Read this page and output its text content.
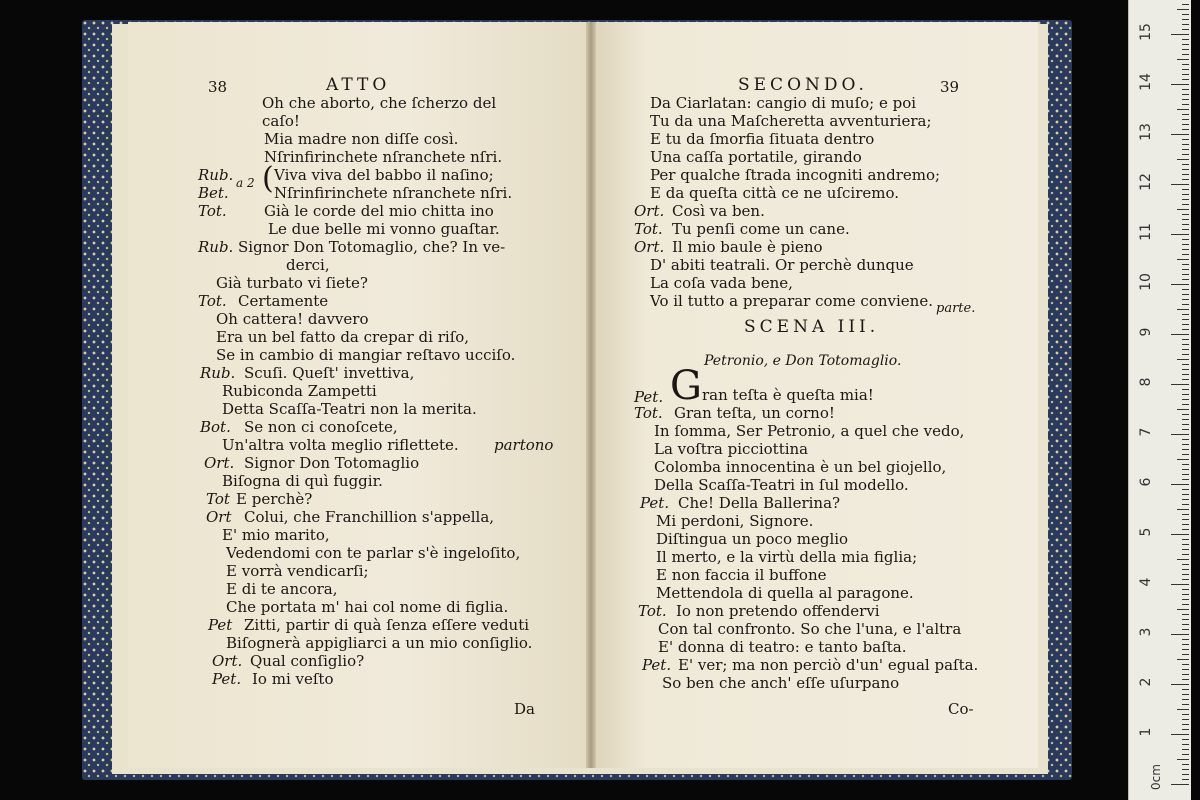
38	ATTO
Oh che aborto, che ſcherzo del
caſo!
Mia madre non diſſe così.
Nſrinfirinchete nſranchete nſri.
Rub.
Bet.
a 2 ( Viva viva del babbo il naſino;
Nſrinfirinchete nſranchete nſri.
Tot. Già le corde del mio chitta ino
Le due belle mi vonno guaſtar.
Rub. Signor Don Totomaglio, che? In ve-
derci,
Già turbato vi ſiete?
Tot. Certamente
Oh cattera! davvero
Era un bel fatto da crepar di riſo,
Se in cambio di mangiar reſtavo ucciſo.
Rub. Scuſi. Queſt' invettiva,
Rubiconda Zampetti
Detta Scaſſa-Teatri non la merita.
Bot. Se non ci conoſcete,
Un'altra volta meglio riflettete. partono
Ort. Signor Don Totomaglio
Biſogna di quì fuggir.
Tot E perchè?
Ort Colui, che Franchillion s'appella,
E' mio marito,
Vedendomi con te parlar s'è ingeloſito,
E vorrà vendicarſi;
E di te ancora,
Che portata m' hai col nome di figlia.
Pet Zitti, partir di quà ſenza eſſere veduti
Biſognerà appigliarci a un mio conſiglio.
Ort. Qual conſiglio?
Pet. Io mi veſto
Da
SECONDO.	39
Da Ciarlatan: cangio di muſo; e poi
Tu da una Maſcheretta avventuriera;
E tu da ſmorfia ſituata dentro
Una caſſa portatile, girando
Per qualche ſtrada incogniti andremo;
E da queſta città ce ne uſciremo.
Ort. Così va ben.
Tot. Tu penſi come un cane.
Ort. Il mio baule è pieno
D' abiti teatrali. Or perchè dunque
La coſa vada bene,
Vo il tutto a preparar come conviene. parte.
SCENA III.
Petronio, e Don Totomaglio.
Pet. G ran teſta è queſta mia!
Tot. Gran teſta, un corno!
In ſomma, Ser Petronio, a quel che vedo,
La voſtra picciottina
Colomba innocentina è un bel giojello,
Della Scaſſa-Teatri in ſul modello.
Pet. Che! Della Ballerina?
Mi perdoni, Signore.
Diſtingua un poco meglio
Il merto, e la virtù della mia figlia;
E non faccia il buffone
Mettendola di quella al paragone.
Tot. Io non pretendo offendervi
Con tal confronto. So che l'una, e l'altra
E' donna di teatro: e tanto baſta.
Pet. E' ver; ma non perciò d'un' egual paſta.
So ben che anch' eſſe uſurpano
Co-
0cm
1
2
3
4
5
6
7
8
9
10
11
12
13
14
15
